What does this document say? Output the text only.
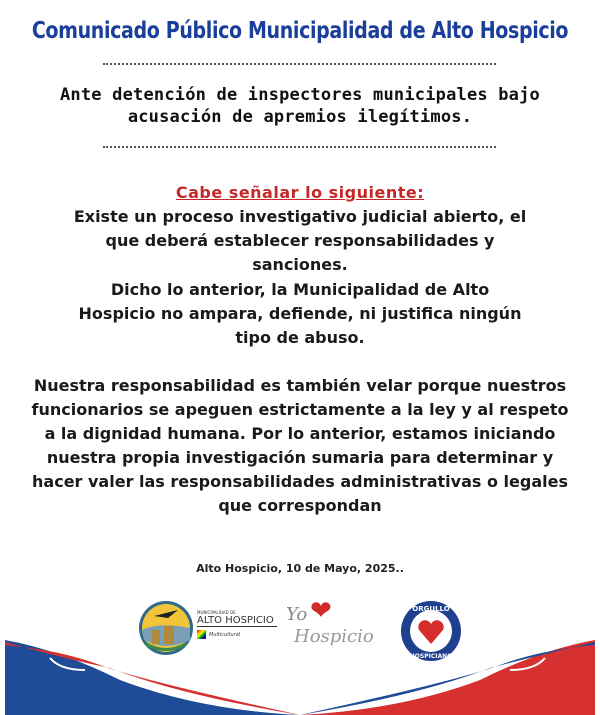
Comunicado Público Municipalidad de Alto Hospicio
Ante detención de inspectores municipales bajo
acusación de apremios ilegítimos.
Cabe señalar lo siguiente:
Existe un proceso investigativo judicial abierto, el que deberá establecer responsabilidades y sanciones.
Dicho lo anterior, la Municipalidad de Alto Hospicio no ampara, defiende, ni justifica ningún tipo de abuso.
Nuestra responsabilidad es también velar porque nuestros funcionarios se apeguen estrictamente a la ley y al respeto a la dignidad humana. Por lo anterior, estamos iniciando nuestra propia investigación sumaria para determinar y hacer valer las responsabilidades administrativas o legales que correspondan
Alto Hospicio, 10 de Mayo, 2025..
MUNICIPALIDAD DE
ALTO HOSPICIO
Multicultural
Yo ❤
Hospicio
ORGULLO
HOSPICIANO
